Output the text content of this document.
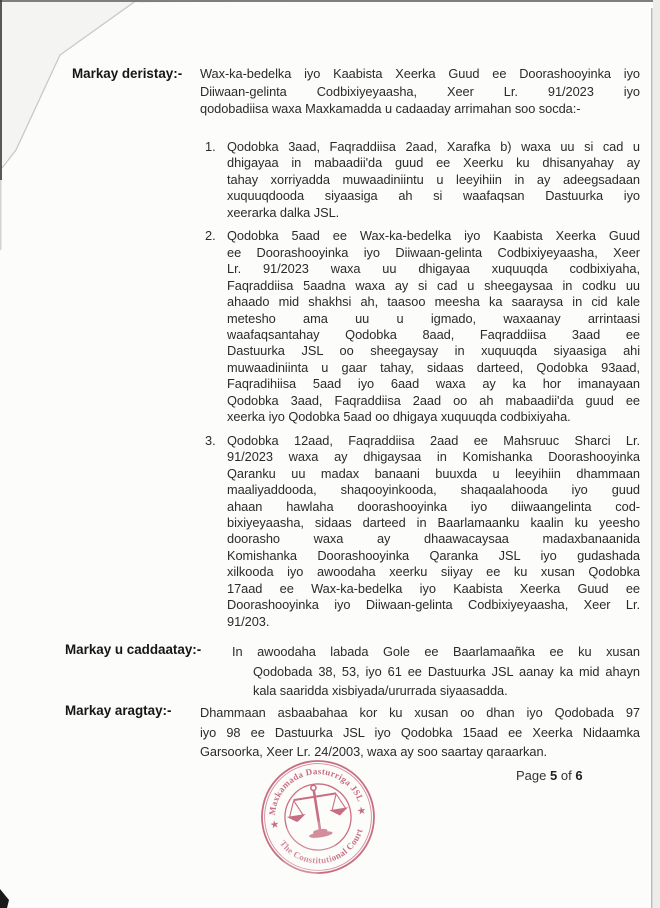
Markay deristay:- Wax-ka-bedelka iyo Kaabista Xeerka Guud ee Doorashooyinka iyo
Diiwaan-gelinta Codbixiyeyaasha, Xeer Lr. 91/2023 iyo
qodobadiisa waxa Maxkamadda u cadaaday arrimahan soo socda:-
1. Qodobka 3aad, Faqraddiisa 2aad, Xarafka b) waxa uu si cad u
dhigayaa in mabaadii'da guud ee Xeerku ku dhisanyahay ay
tahay xorriyadda muwaadiniintu u leeyihiin in ay adeegsadaan
xuquuqdooda siyaasiga ah si waafaqsan Dastuurka iyo
xeerarka dalka JSL.
2. Qodobka 5aad ee Wax-ka-bedelka iyo Kaabista Xeerka Guud
ee Doorashooyinka iyo Diiwaan-gelinta Codbixiyeyaasha, Xeer
Lr. 91/2023 waxa uu dhigayaa xuquuqda codbixiyaha,
Faqraddiisa 5aadna waxa ay si cad u sheegaysaa in codku uu
ahaado mid shakhsi ah, taasoo meesha ka saaraysa in cid kale
metesho ama uu u igmado, waxaanay arrintaasi
waafaqsantahay Qodobka 8aad, Faqraddiisa 3aad ee
Dastuurka JSL oo sheegaysay in xuquuqda siyaasiga ahi
muwaadiniinta u gaar tahay, sidaas darteed, Qodobka 93aad,
Faqradihiisa 5aad iyo 6aad waxa ay ka hor imanayaan
Qodobka 3aad, Faqraddiisa 2aad oo ah mabaadii'da guud ee
xeerka iyo Qodobka 5aad oo dhigaya xuquuqda codbixiyaha.
3. Qodobka 12aad, Faqraddiisa 2aad ee Mahsruuc Sharci Lr.
91/2023 waxa ay dhigaysaa in Komishanka Doorashooyinka
Qaranku uu madax banaani buuxda u leeyihiin dhammaan
maaliyaddooda, shaqooyinkooda, shaqaalahooda iyo guud
ahaan hawlaha doorashooyinka iyo diiwaangelinta cod-
bixiyeyaasha, sidaas darteed in Baarlamaanku kaalin ku yeesho
doorasho waxa ay dhaawacaysaa madaxbanaanida
Komishanka Doorashooyinka Qaranka JSL iyo gudashada
xilkooda iyo awoodaha xeerku siiyay ee ku xusan Qodobka
17aad ee Wax-ka-bedelka iyo Kaabista Xeerka Guud ee
Doorashooyinka iyo Diiwaan-gelinta Codbixiyeyaasha, Xeer Lr.
91/203.
Markay u caddaatay:- In awoodaha labada Gole ee Baarlamaañka ee ku xusan
Qodobada 38, 53, iyo 61 ee Dastuurka JSL aanay ka mid ahayn
kala saaridda xisbiyada/ururrada siyaasadda.
Markay aragtay:- Dhammaan asbaabahaa kor ku xusan oo dhan iyo Qodobada 97
iyo 98 ee Dastuurka JSL iyo Qodobka 15aad ee Xeerka Nidaamka
Garsoorka, Xeer Lr. 24/2003, waxa ay soo saartay qaraarkan.
Page 5 of 6
Maxkamada Dasturriga JSL
The Constitutional Court
★
★
